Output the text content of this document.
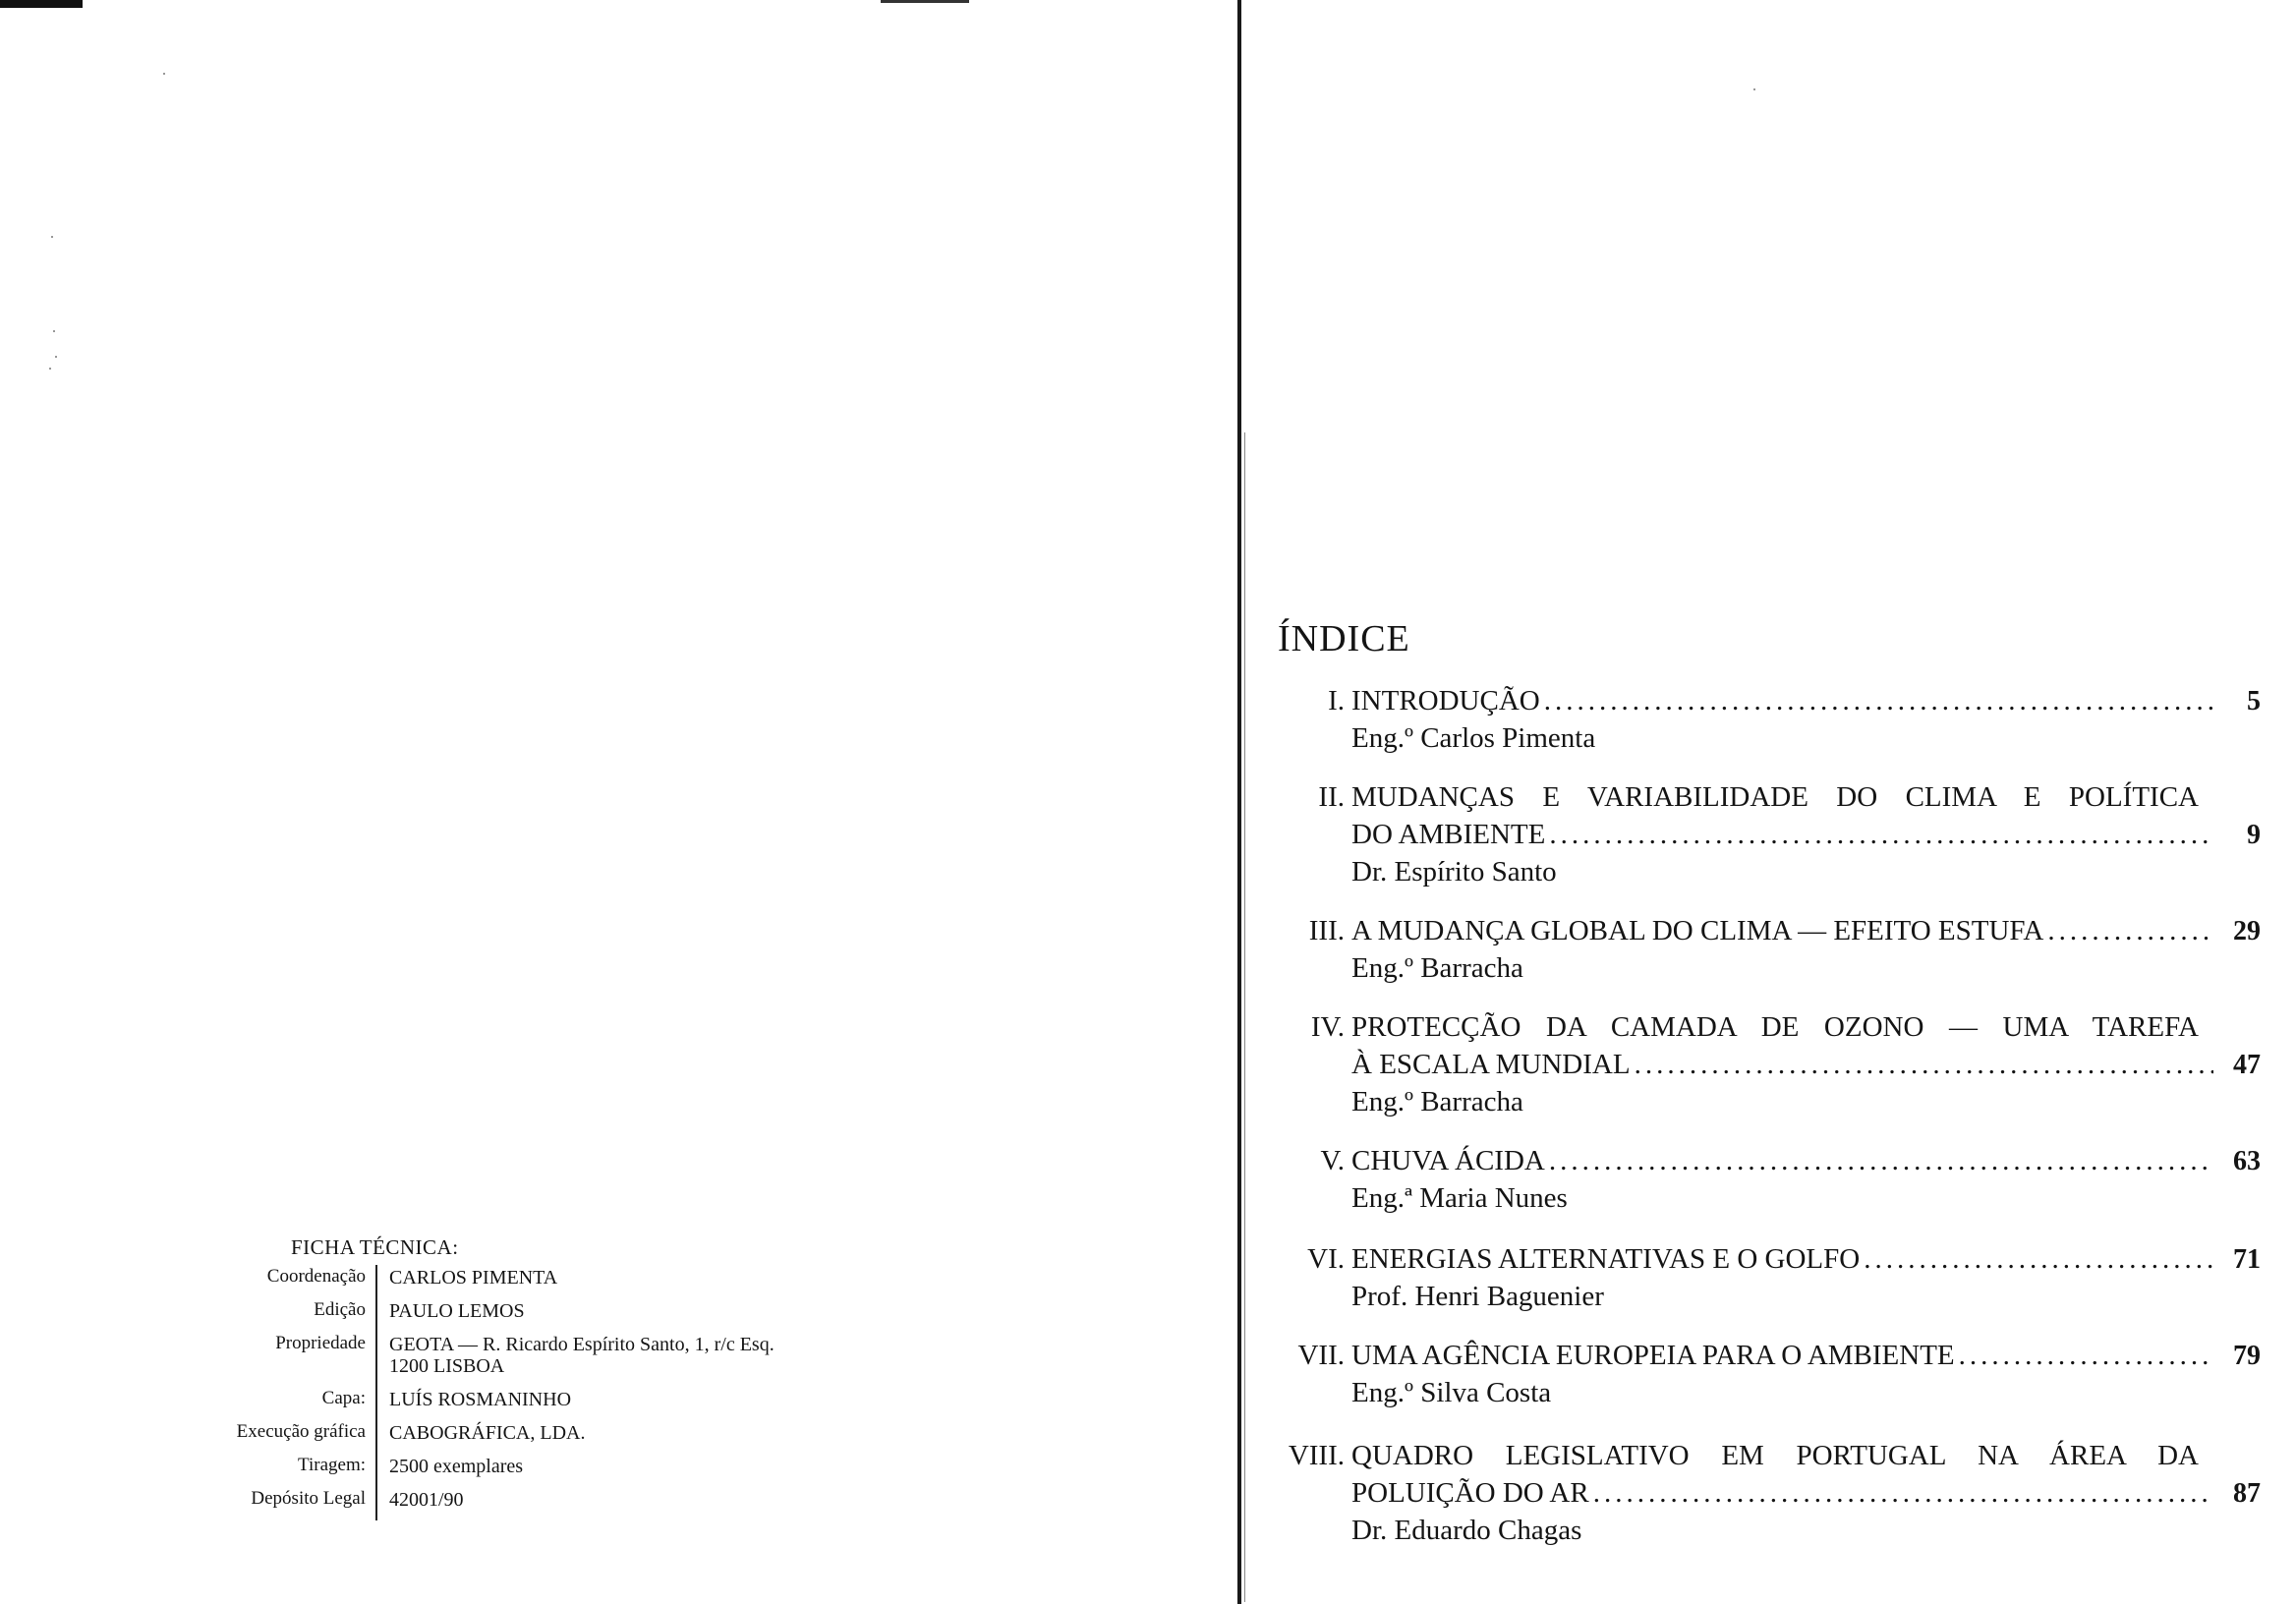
FICHA TÉCNICA:
Coordenação	CARLOS PIMENTA
Edição	PAULO LEMOS
Propriedade	GEOTA — R. Ricardo Espírito Santo, 1, r/c Esq.
1200 LISBOA
Capa:	LUÍS ROSMANINHO
Execução gráfica	CABOGRÁFICA, LDA.
Tiragem:	2500 exemplares
Depósito Legal	42001/90
ÍNDICE
I. INTRODUÇÃO .....	5
Eng.º Carlos Pimenta
II. MUDANÇAS E VARIABILIDADE DO CLIMA E POLÍTICA
DO AMBIENTE .....	9
Dr. Espírito Santo
III. A MUDANÇA GLOBAL DO CLIMA — EFEITO ESTUFA .....	29
Eng.º Barracha
IV. PROTECÇÃO DA CAMADA DE OZONO — UMA TAREFA
À ESCALA MUNDIAL .....	47
Eng.º Barracha
V. CHUVA ÁCIDA .....	63
Eng.ª Maria Nunes
VI. ENERGIAS ALTERNATIVAS E O GOLFO .....	71
Prof. Henri Baguenier
VII. UMA AGÊNCIA EUROPEIA PARA O AMBIENTE .....	79
Eng.º Silva Costa
VIII. QUADRO LEGISLATIVO EM PORTUGAL NA ÁREA DA
POLUIÇÃO DO AR .....	87
Dr. Eduardo Chagas
